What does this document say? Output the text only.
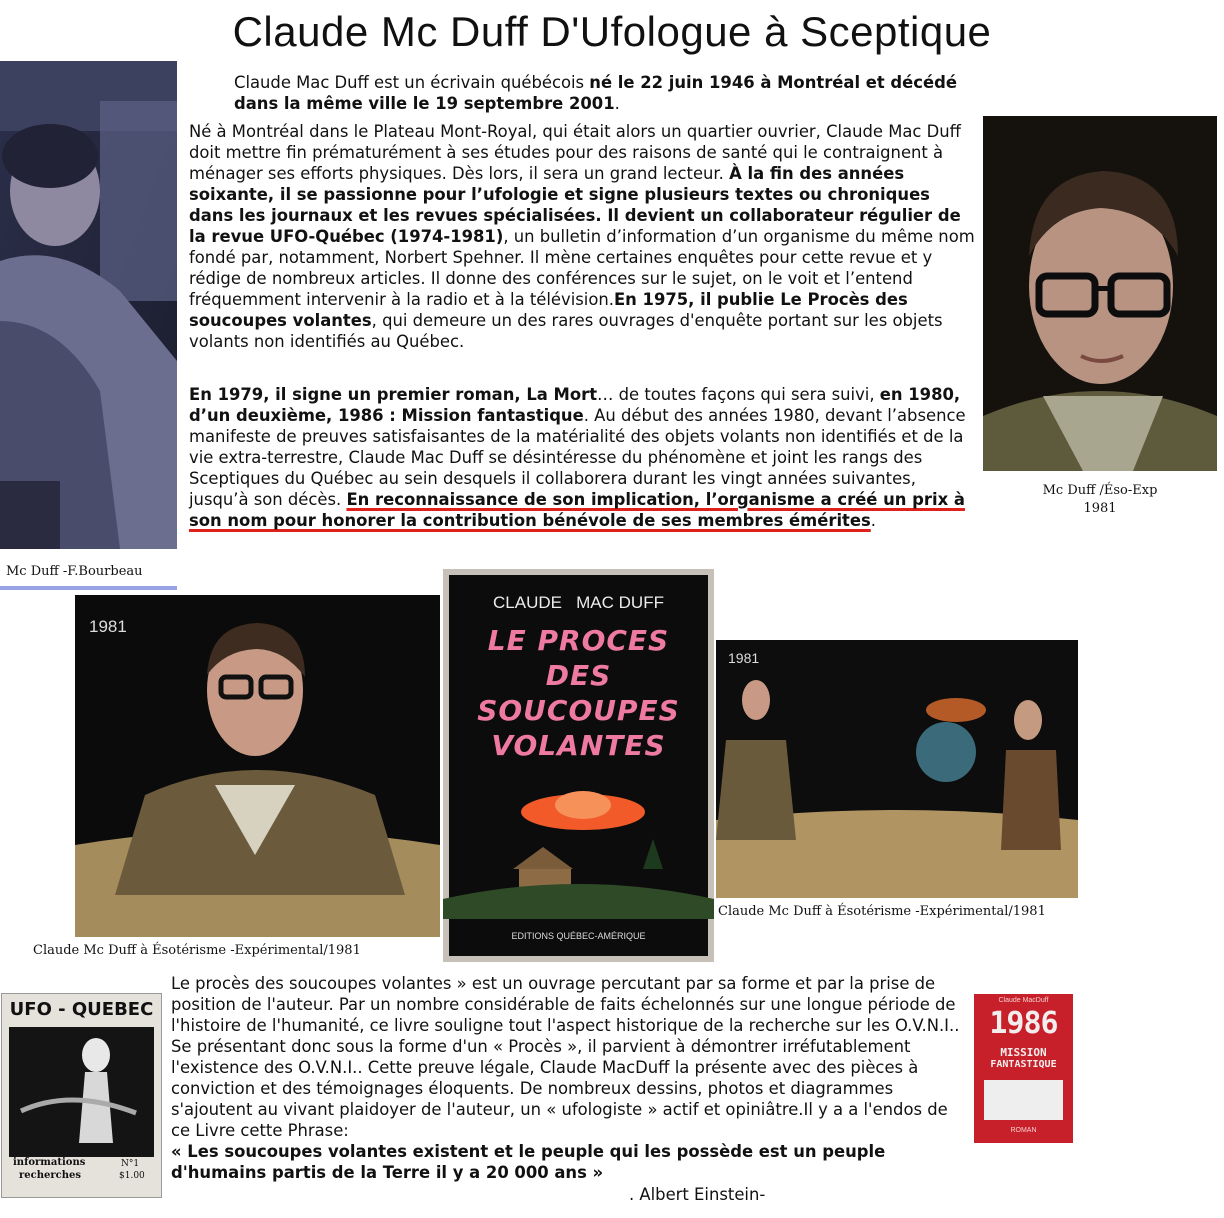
Claude Mc Duff D'Ufologue à Sceptique
Mc Duff -F.Bourbeau
Mc Duff /Éso-Exp
1981
Claude Mac Duff est un écrivain québécois né le 22 juin 1946 à Montréal et décédé dans la même ville le 19 septembre 2001.
Né à Montréal dans le Plateau Mont-Royal, qui était alors un quartier ouvrier, Claude Mac Duff doit mettre fin prématurément à ses études pour des raisons de santé qui le contraignent à ménager ses efforts physiques. Dès lors, il sera un grand lecteur. À la fin des années soixante, il se passionne pour l’ufologie et signe plusieurs textes ou chroniques dans les journaux et les revues spécialisées. Il devient un collaborateur régulier de la revue UFO-Québec (1974-1981), un bulletin d’information d’un organisme du même nom fondé par, notamment, Norbert Spehner. Il mène certaines enquêtes pour cette revue et y rédige de nombreux articles. Il donne des conférences sur le sujet, on le voit et l’entend fréquemment intervenir à la radio et à la télévision.En 1975, il publie Le Procès des soucoupes volantes, qui demeure un des rares ouvrages d'enquête portant sur les objets volants non identifiés au Québec.
En 1979, il signe un premier roman, La Mort… de toutes façons qui sera suivi, en 1980, d’un deuxième, 1986 : Mission fantastique. Au début des années 1980, devant l’absence manifeste de preuves satisfaisantes de la matérialité des objets volants non identifiés et de la vie extra-terrestre, Claude Mac Duff se désintéresse du phénomène et joint les rangs des Sceptiques du Québec au sein desquels il collaborera durant les vingt années suivantes, jusqu’à son décès. En reconnaissance de son implication, l’organisme a créé un prix à son nom pour honorer la contribution bénévole de ses membres émérites.
1981
Claude Mc Duff à Ésotérisme -Expérimental/1981
CLAUDE   MAC DUFF
LE PROCES
DES
SOUCOUPES
VOLANTES
EDITIONS QUÉBEC-AMÉRIQUE
1981
Claude Mc Duff à Ésotérisme -Expérimental/1981
UFO - QUEBEC
informations
recherches
N°1
$1.00
Claude MacDuff
1986
MISSION
FANTASTIQUE
ROMAN
Le procès des soucoupes volantes » est un ouvrage percutant par sa forme et par la prise de position de l'auteur. Par un nombre considérable de faits échelonnés sur une longue période de l'histoire de l'humanité, ce livre souligne tout l'aspect historique de la recherche sur les O.V.N.I.. Se présentant donc sous la forme d'un « Procès », il parvient à démontrer irréfutablement l'existence des O.V.N.I.. Cette preuve légale, Claude MacDuff la présente avec des pièces à conviction et des témoignages éloquents. De nombreux dessins, photos et diagrammes s'ajoutent au vivant plaidoyer de l'auteur, un « ufologiste » actif et opiniâtre.Il y a a l'endos de ce Livre cette Phrase:
« Les soucoupes volantes existent et le peuple qui les possède est un peuple d'humains partis de la Terre il y a 20 000 ans »
. Albert Einstein-
